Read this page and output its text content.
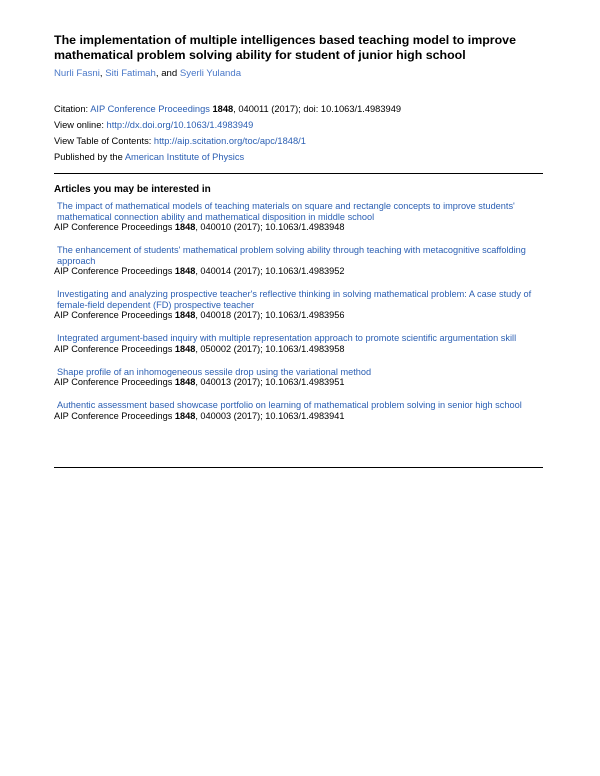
The implementation of multiple intelligences based teaching model to improve mathematical problem solving ability for student of junior high school
Nurli Fasni, Siti Fatimah, and Syerli Yulanda
Citation: AIP Conference Proceedings 1848, 040011 (2017); doi: 10.1063/1.4983949
View online: http://dx.doi.org/10.1063/1.4983949
View Table of Contents: http://aip.scitation.org/toc/apc/1848/1
Published by the American Institute of Physics
Articles you may be interested in
The impact of mathematical models of teaching materials on square and rectangle concepts to improve students' mathematical connection ability and mathematical disposition in middle school
AIP Conference Proceedings 1848, 040010 (2017); 10.1063/1.4983948
The enhancement of students' mathematical problem solving ability through teaching with metacognitive scaffolding approach
AIP Conference Proceedings 1848, 040014 (2017); 10.1063/1.4983952
Investigating and analyzing prospective teacher's reflective thinking in solving mathematical problem: A case study of female-field dependent (FD) prospective teacher
AIP Conference Proceedings 1848, 040018 (2017); 10.1063/1.4983956
Integrated argument-based inquiry with multiple representation approach to promote scientific argumentation skill
AIP Conference Proceedings 1848, 050002 (2017); 10.1063/1.4983958
Shape profile of an inhomogeneous sessile drop using the variational method
AIP Conference Proceedings 1848, 040013 (2017); 10.1063/1.4983951
Authentic assessment based showcase portfolio on learning of mathematical problem solving in senior high school
AIP Conference Proceedings 1848, 040003 (2017); 10.1063/1.4983941
